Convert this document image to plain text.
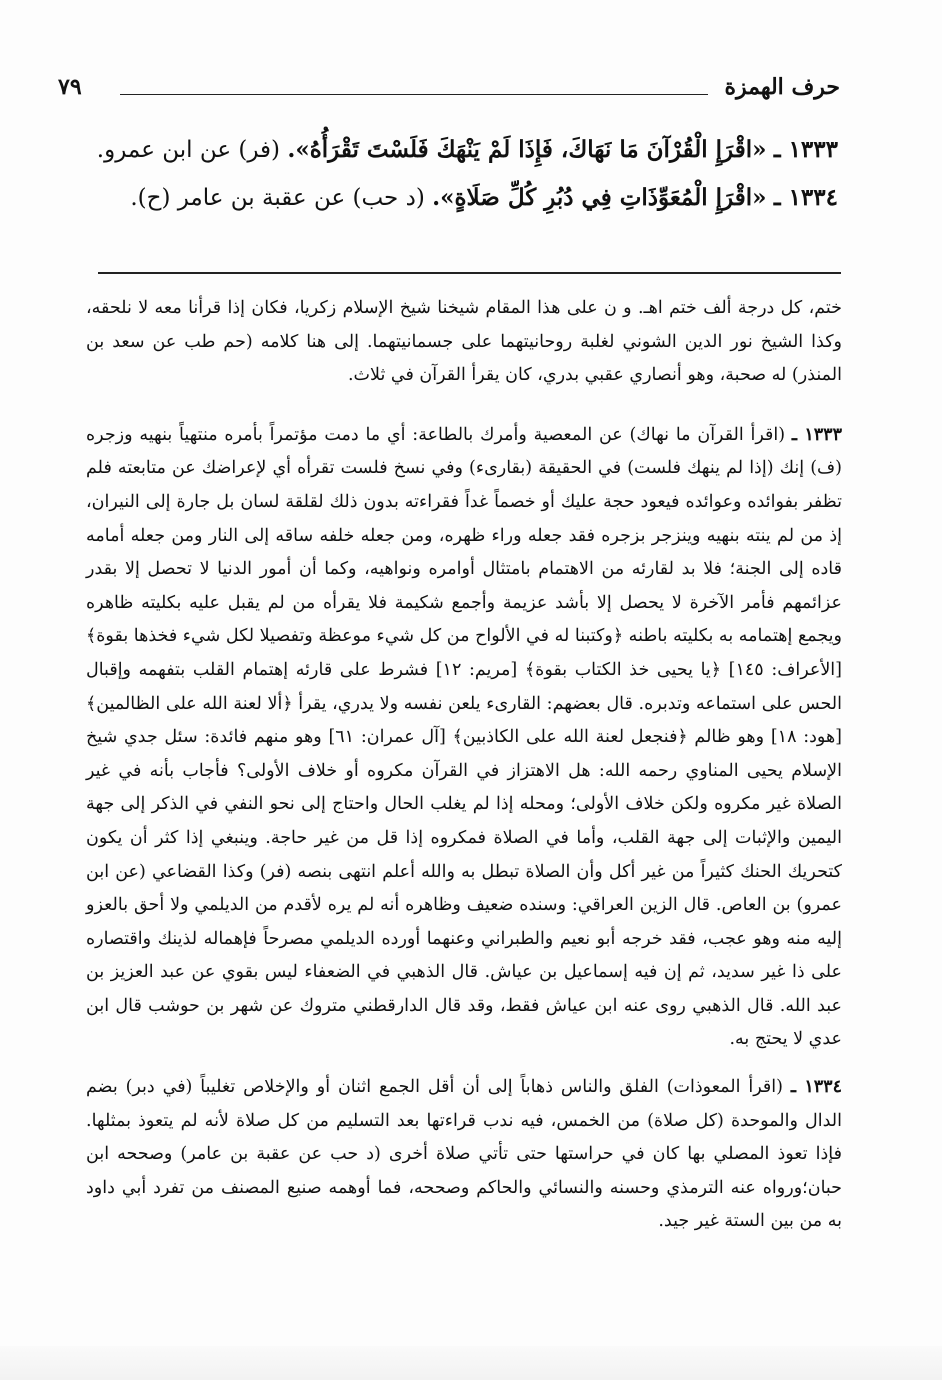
حرف الهمزة
٧٩
١٣٣٣ ـ «اقْرَإِ الْقُرْآنَ مَا نَهَاكَ، فَإِذَا لَمْ يَنْهَكَ فَلَسْتَ تَقْرَأُهُ». (فر) عن ابن عمرو.
١٣٣٤ ـ «اقْرَإِ الْمُعَوِّذَاتِ فِي دُبُرِ كُلِّ صَلَاةٍ». (د حب) عن عقبة بن عامر (ح).

ختم، كل درجة ألف ختم اهـ. و ن على هذا المقام شيخنا شيخ الإسلام زكريا، فكان إذا قرأنا معه لا نلحقه، وكذا الشيخ نور الدين الشوني لغلبة روحانيتهما على جسمانيتهما. إلى هنا كلامه (حم طب عن سعد بن المنذر) له صحبة، وهو أنصاري عقبي بدري، كان يقرأ القرآن في ثلاث.

١٣٣٣ ـ (اقرأ القرآن ما نهاك) عن المعصية وأمرك بالطاعة: أي ما دمت مؤتمراً بأمره منتهياً بنهيه وزجره (ف) إنك (إذا لم ينهك فلست) في الحقيقة (بقارىء) وفي نسخ فلست تقرأه أي لإعراضك عن متابعته فلم تظفر بفوائده وعوائده فيعود حجة عليك أو خصماً غداً فقراءته بدون ذلك لقلقة لسان بل جارة إلى النيران، إذ من لم ينته بنهيه وينزجر بزجره فقد جعله وراء ظهره، ومن جعله خلفه ساقه إلى النار ومن جعله أمامه قاده إلى الجنة؛ فلا بد لقارئه من الاهتمام بامتثال أوامره ونواهيه، وكما أن أمور الدنيا لا تحصل إلا بقدر عزائمهم فأمر الآخرة لا يحصل إلا بأشد عزيمة وأجمع شكيمة فلا يقرأه من لم يقبل عليه بكليته ظاهره ويجمع إهتمامه به بكليته باطنه ﴿وكتبنا له في الألواح من كل شيء موعظة وتفصيلا لكل شيء فخذها بقوة﴾ [الأعراف: ١٤٥] ﴿يا يحيى خذ الكتاب بقوة﴾ [مريم: ١٢] فشرط على قارئه إهتمام القلب بتفهمه وإقبال الحس على استماعه وتدبره. قال بعضهم: القارىء يلعن نفسه ولا يدري، يقرأ ﴿ألا لعنة الله على الظالمين﴾ [هود: ١٨] وهو ظالم ﴿فنجعل لعنة الله على الكاذبين﴾ [آل عمران: ٦١] وهو منهم فائدة: سئل جدي شيخ الإسلام يحيى المناوي رحمه الله: هل الاهتزاز في القرآن مكروه أو خلاف الأولى؟ فأجاب بأنه في غير الصلاة غير مكروه ولكن خلاف الأولى؛ ومحله إذا لم يغلب الحال واحتاج إلى نحو النفي في الذكر إلى جهة اليمين والإثبات إلى جهة القلب، وأما في الصلاة فمكروه إذا قل من غير حاجة. وينبغي إذا كثر أن يكون كتحريك الحنك كثيراً من غير أكل وأن الصلاة تبطل به والله أعلم انتهى بنصه (فر) وكذا القضاعي (عن ابن عمرو) بن العاص. قال الزين العراقي: وسنده ضعيف وظاهره أنه لم يره لأقدم من الديلمي ولا أحق بالعزو إليه منه وهو عجب، فقد خرجه أبو نعيم والطبراني وعنهما أورده الديلمي مصرحاً فإهماله لذينك واقتصاره على ذا غير سديد، ثم إن فيه إسماعيل بن عياش. قال الذهبي في الضعفاء ليس بقوي عن عبد العزيز بن عبد الله. قال الذهبي روى عنه ابن عياش فقط، وقد قال الدارقطني متروك عن شهر بن حوشب قال ابن عدي لا يحتج به.

١٣٣٤ ـ (اقرأ المعوذات) الفلق والناس ذهاباً إلى أن أقل الجمع اثنان أو والإخلاص تغليباً (في دبر) بضم الدال والموحدة (كل صلاة) من الخمس، فيه ندب قراءتها بعد التسليم من كل صلاة لأنه لم يتعوذ بمثلها. فإذا تعوذ المصلي بها كان في حراستها حتى تأتي صلاة أخرى (د حب عن عقبة بن عامر) وصححه ابن حبان؛ورواه عنه الترمذي وحسنه والنسائي والحاكم وصححه، فما أوهمه صنيع المصنف من تفرد أبي داود به من بين الستة غير جيد.
